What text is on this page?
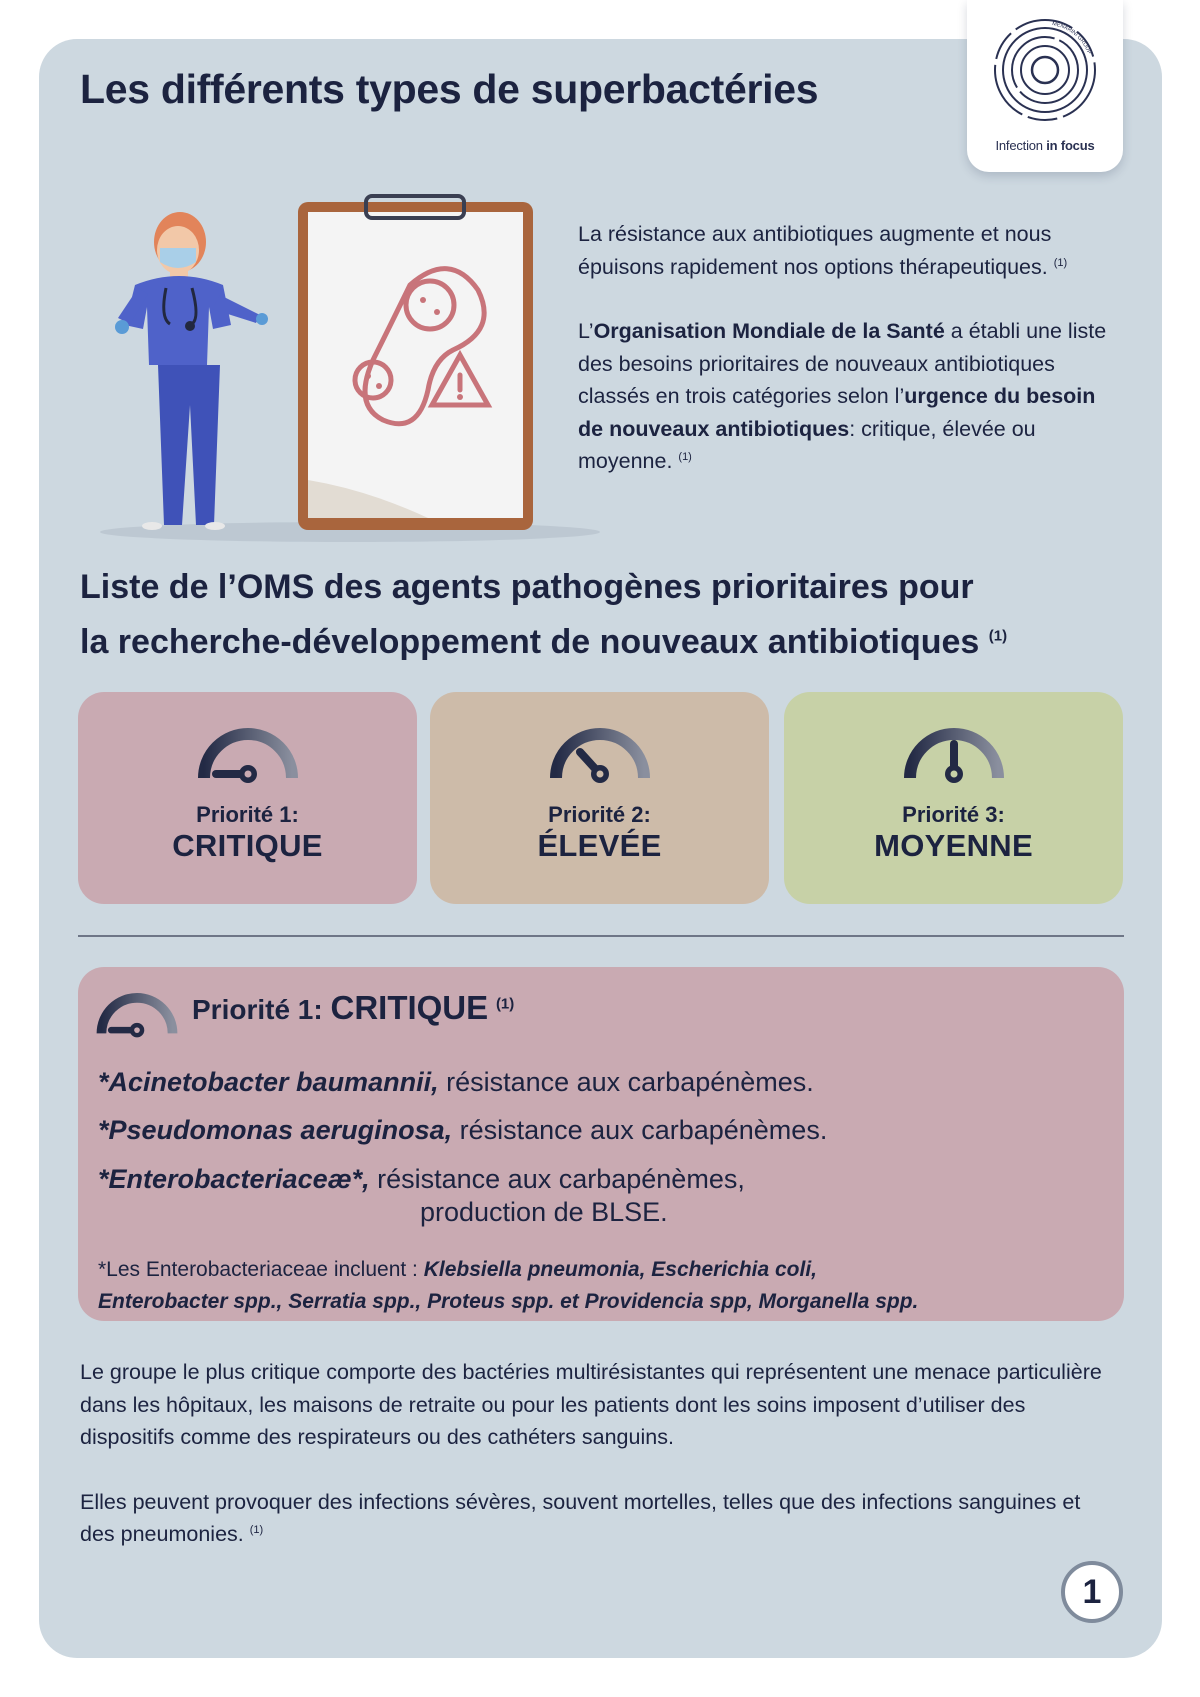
MENARINI GROUP
Infection in focus
Les différents types de superbactéries

La résistance aux antibiotiques augmente et nous épuisons rapidement nos options thérapeutiques. $^{(1)}$

L’Organisation Mondiale de la Santé a établi une liste des besoins prioritaires de nouveaux antibiotiques classés en trois catégories selon l’urgence du besoin de nouveaux antibiotiques: critique, élevée ou moyenne. $^{(1)}$

Liste de l’OMS des agents pathogènes prioritaires pour
la recherche-développement de nouveaux antibiotiques $^{(1)}$
Priorité 1:
CRITIQUE
Priorité 2:
ÉLEVÉE
Priorité 3:
MOYENNE
Priorité 1: CRITIQUE $^{(1)}$
*Acinetobacter baumannii, résistance aux carbapénèmes.
*Pseudomonas aeruginosa, résistance aux carbapénèmes.
*Enterobacteriaceæ*, résistance aux carbapénèmes,
production de BLSE.
*Les Enterobacteriaceae incluent : Klebsiella pneumonia, Escherichia coli,
Enterobacter spp., Serratia spp., Proteus spp. et Providencia spp, Morganella spp.

Le groupe le plus critique comporte des bactéries multirésistantes qui représentent une menace particulière dans les hôpitaux, les maisons de retraite ou pour les patients dont les soins imposent d’utiliser des dispositifs comme des respirateurs ou des cathéters sanguins.

Elles peuvent provoquer des infections sévères, souvent mortelles, telles que des infections sanguines et des pneumonies. $^{(1)}$

1
